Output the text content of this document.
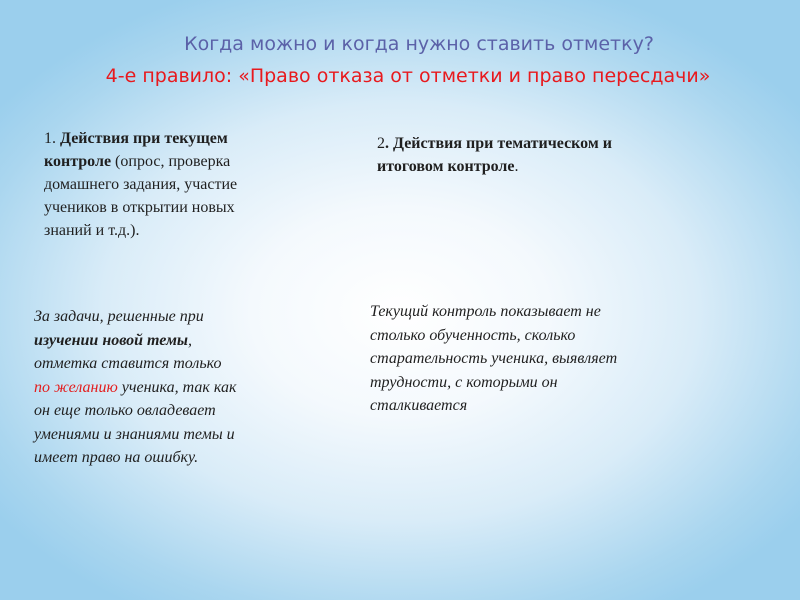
Когда можно и когда нужно ставить отметку?
4-е правило: «Право отказа от отметки и право пересдачи»
1. Действия при текущем
контроле (опрос, проверка
домашнего задания, участие
учеников в открытии новых
знаний и т.д.).
2. Действия при тематическом и
итоговом контроле.
За задачи, решенные при
изучении новой темы,
отметка ставится только
по желанию ученика, так как
он еще только овладевает
умениями и знаниями темы и
имеет право на ошибку.
Текущий контроль показывает не
столько обученность, сколько
старательность ученика, выявляет
трудности, с которыми он
сталкивается
